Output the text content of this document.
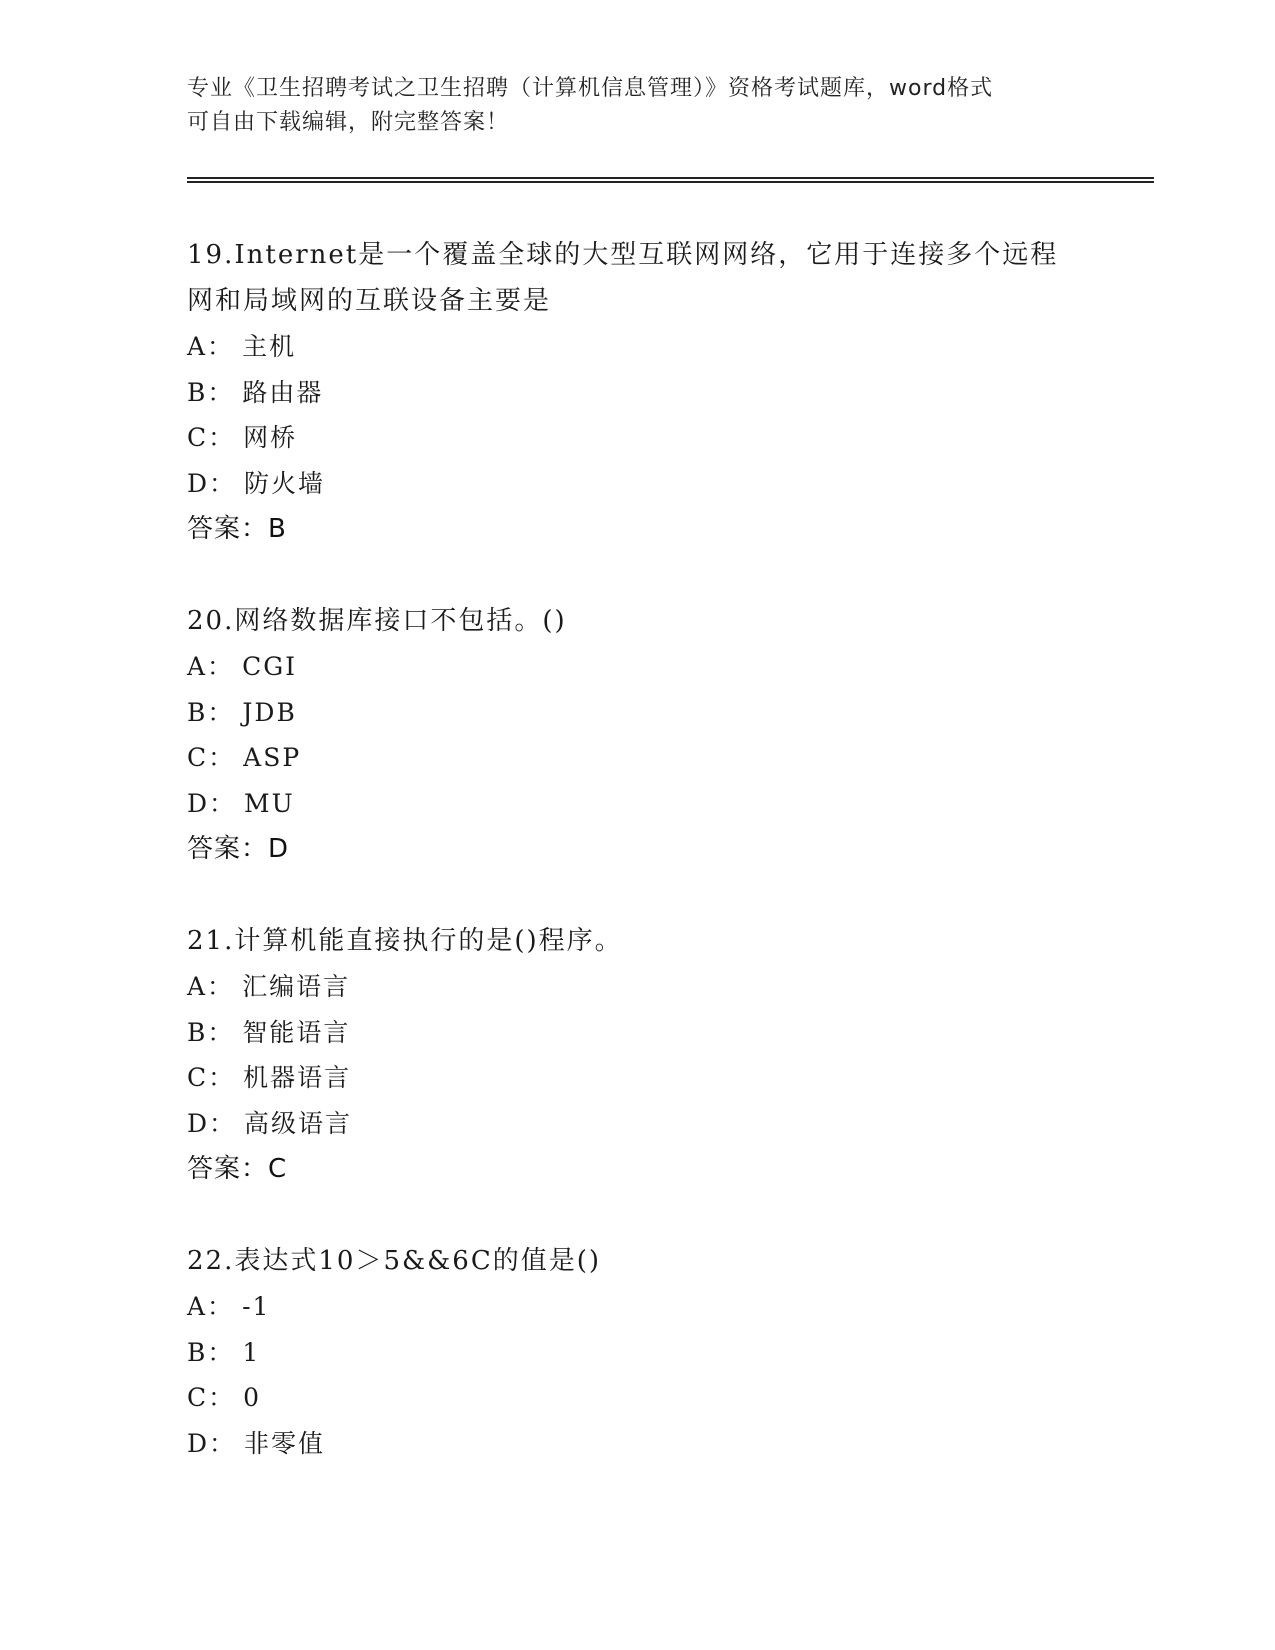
专业《卫生招聘考试之卫生招聘（计算机信息管理）》资格考试题库，word格式

可自由下载编辑，附完整答案！

19.Internet是一个覆盖全球的大型互联网网络，它用于连接多个远程

网和局域网的互联设备主要是

A： 主机

B： 路由器

C： 网桥

D： 防火墙

答案：B

20.网络数据库接口不包括。()

A： CGI

B： JDB

C： ASP

D： MU

答案：D

21.计算机能直接执行的是()程序。

A： 汇编语言

B： 智能语言

C： 机器语言

D： 高级语言

答案：C

22.表达式10＞5&&6C的值是()

A： -1

B： 1

C： 0

D： 非零值
